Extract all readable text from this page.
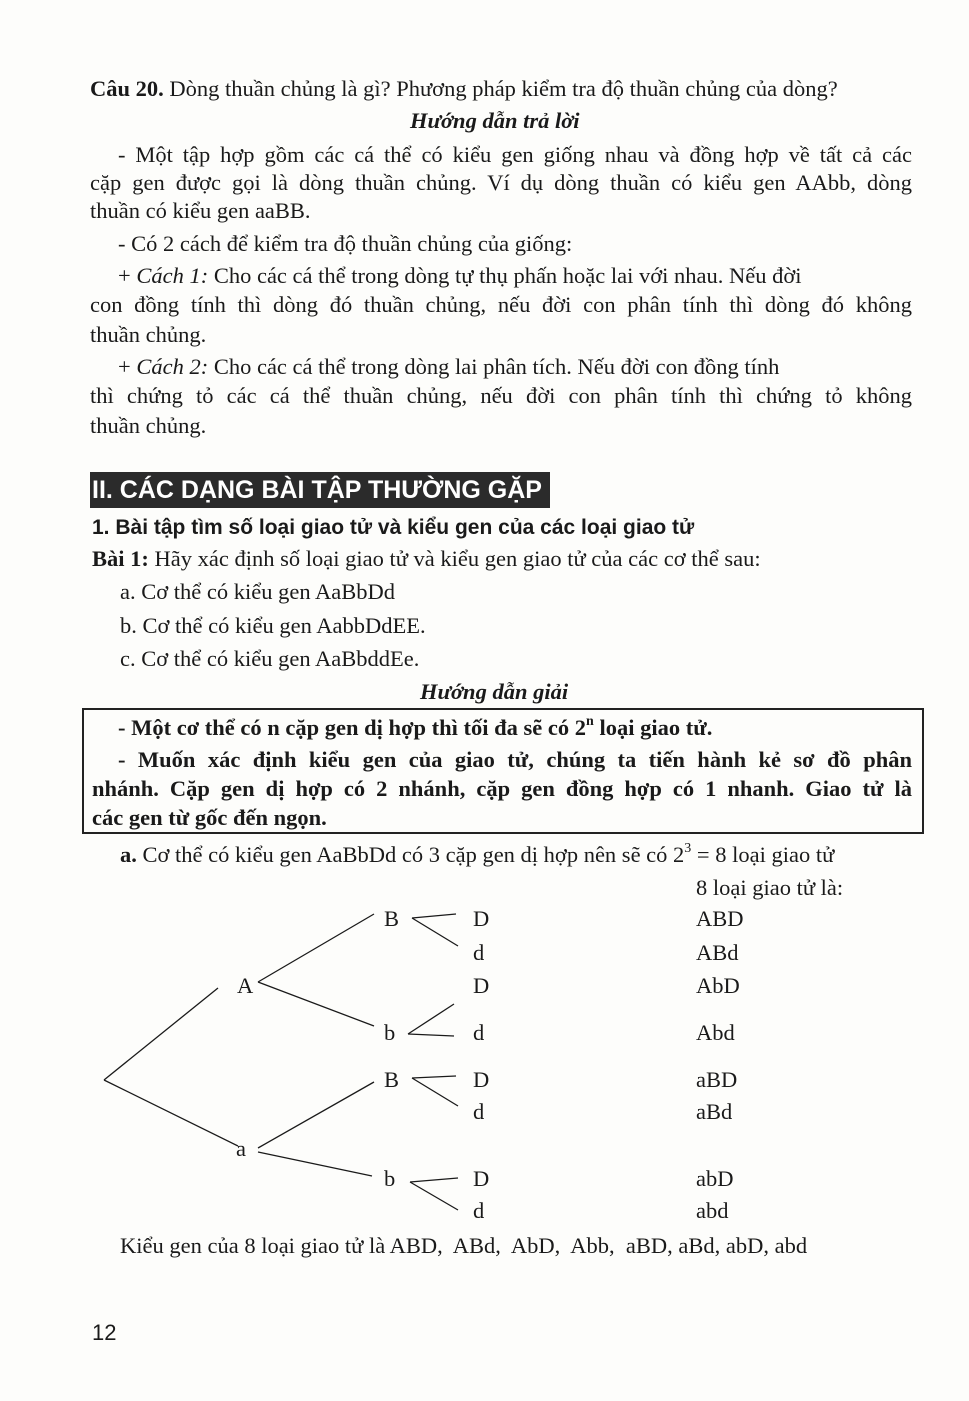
Câu 20. Dòng thuần chủng là gì? Phương pháp kiểm tra độ thuần chủng của dòng?
Hướng dẫn trả lời
- Một tập hợp gồm các cá thể có kiểu gen giống nhau và đồng hợp về tất cả các
cặp gen được gọi là dòng thuần chủng. Ví dụ dòng thuần có kiểu gen AAbb, dòng
thuần có kiểu gen aaBB.
- Có 2 cách để kiểm tra độ thuần chủng của giống:
+ Cách 1: Cho các cá thể trong dòng tự thụ phấn hoặc lai với nhau. Nếu đời
con đồng tính thì dòng đó thuần chủng, nếu đời con phân tính thì dòng đó không
thuần chủng.
+ Cách 2: Cho các cá thể trong dòng lai phân tích. Nếu đời con đồng tính
thì chứng tỏ các cá thể thuần chủng, nếu đời con phân tính thì chứng tỏ không
thuần chủng.
II. CÁC DẠNG BÀI TẬP THƯỜNG GẶP
1. Bài tập tìm số loại giao tử và kiểu gen của các loại giao tử
Bài 1: Hãy xác định số loại giao tử và kiểu gen giao tử của các cơ thể sau:
a. Cơ thể có kiểu gen AaBbDd
b. Cơ thể có kiểu gen AabbDdEE.
c. Cơ thể có kiểu gen AaBbddEe.
Hướng dẫn giải
- Một cơ thể có n cặp gen dị hợp thì tối đa sẽ có 2$^n$ loại giao tử.
- Muốn xác định kiểu gen của giao tử, chúng ta tiến hành kẻ sơ đồ phân
nhánh. Cặp gen dị hợp có 2 nhánh, cặp gen đồng hợp có 1 nhanh. Giao tử là
các gen từ gốc đến ngọn.
a. Cơ thể có kiểu gen AaBbDd có 3 cặp gen dị hợp nên sẽ có $2^3 = 8$ loại giao tử
8 loại giao tử là:
A
a
B
b
B
b
D
d
D
d
D
d
D
d
ABD
ABd
AbD
Abd
aBD
aBd
abD
abd
Kiểu gen của 8 loại giao tử là ABD,  ABd,  AbD,  Abb,  aBD, aBd, abD, abd
12
